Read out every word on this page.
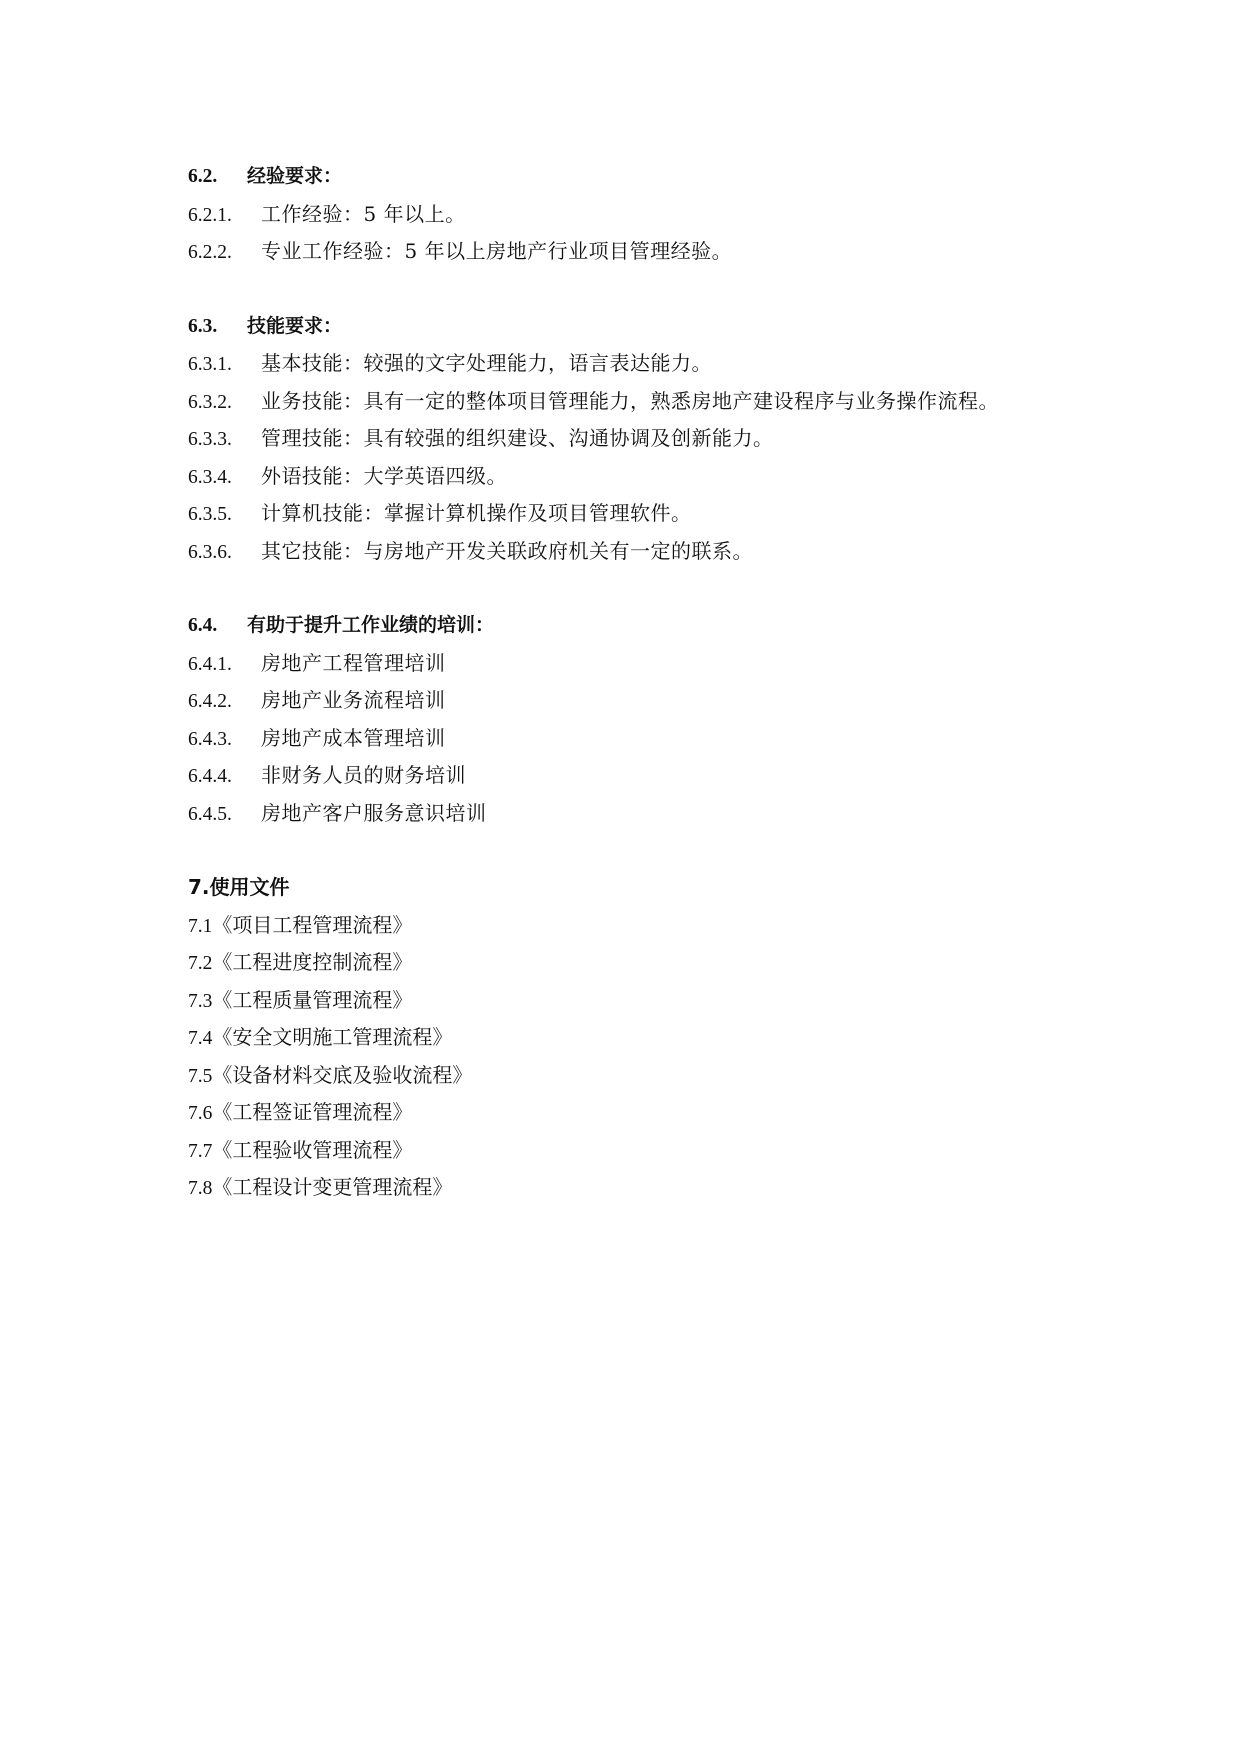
6.2. 经验要求：
6.2.1. 工作经验：5 年以上。
6.2.2. 专业工作经验：5 年以上房地产行业项目管理经验。
6.3. 技能要求：
6.3.1. 基本技能：较强的文字处理能力，语言表达能力。
6.3.2. 业务技能：具有一定的整体项目管理能力，熟悉房地产建设程序与业务操作流程。
6.3.3. 管理技能：具有较强的组织建设、沟通协调及创新能力。
6.3.4. 外语技能：大学英语四级。
6.3.5. 计算机技能：掌握计算机操作及项目管理软件。
6.3.6. 其它技能：与房地产开发关联政府机关有一定的联系。
6.4. 有助于提升工作业绩的培训：
6.4.1. 房地产工程管理培训
6.4.2. 房地产业务流程培训
6.4.3. 房地产成本管理培训
6.4.4. 非财务人员的财务培训
6.4.5. 房地产客户服务意识培训
7.使用文件
7.1《项目工程管理流程》
7.2《工程进度控制流程》
7.3《工程质量管理流程》
7.4《安全文明施工管理流程》
7.5《设备材料交底及验收流程》
7.6《工程签证管理流程》
7.7《工程验收管理流程》
7.8《工程设计变更管理流程》
